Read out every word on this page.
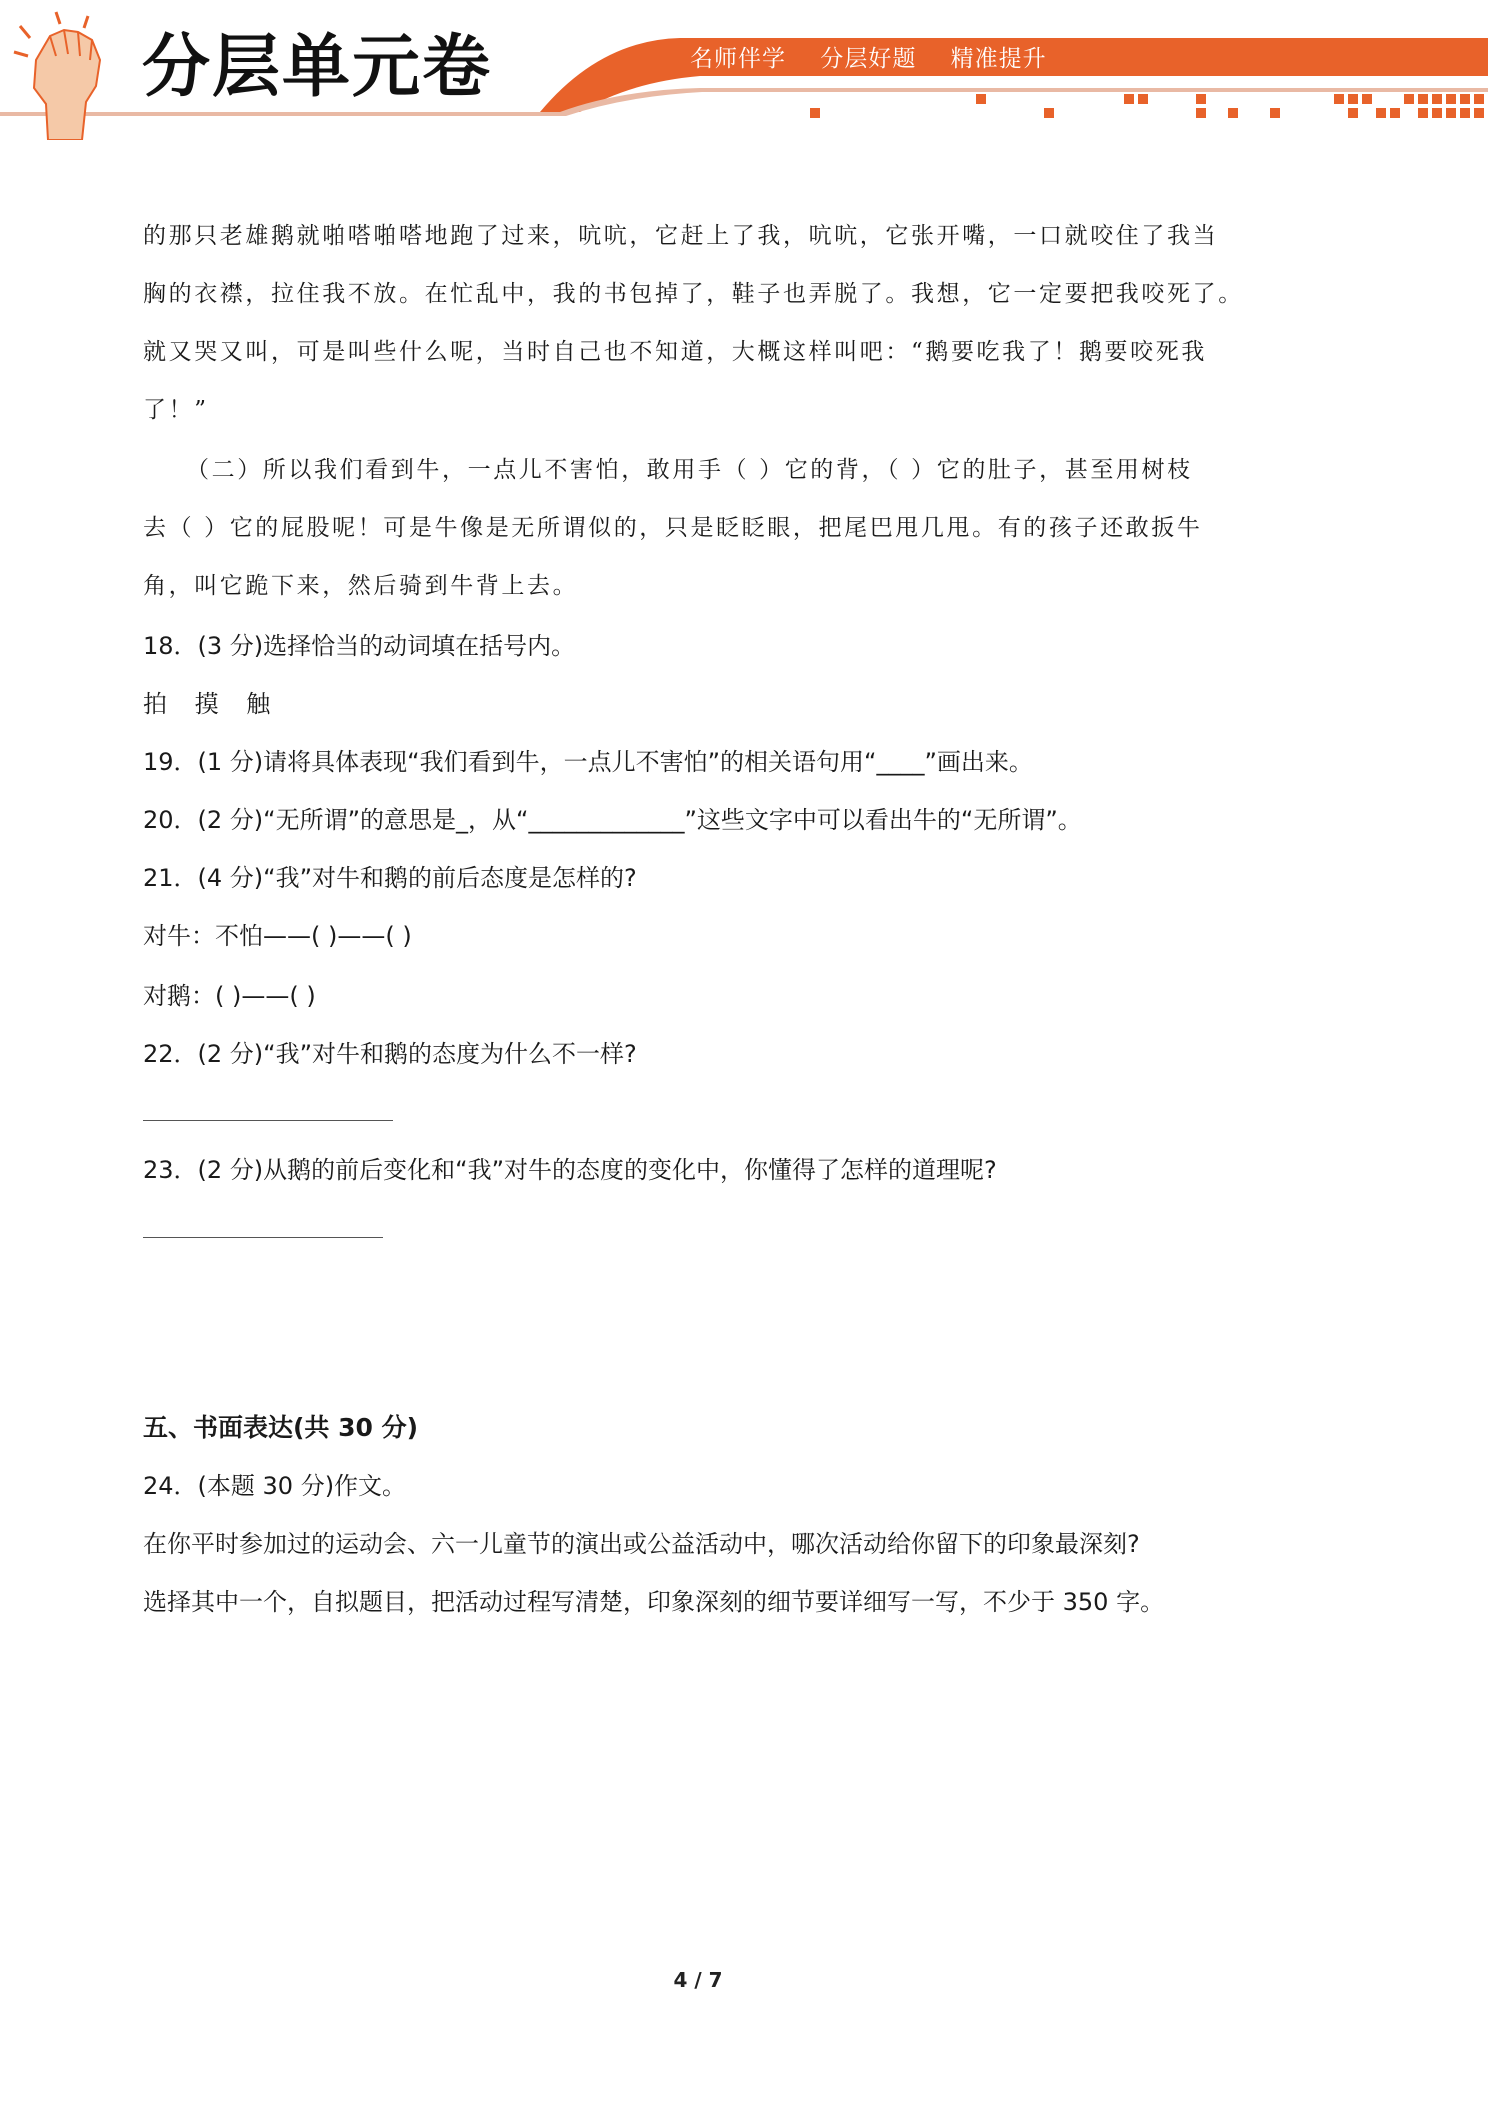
分层单元卷	名师伴学 分层好题 精准提升
的那只老雄鹅就啪嗒啪嗒地跑了过来，吭吭，它赶上了我，吭吭，它张开嘴，一口就咬住了我当
胸的衣襟，拉住我不放。在忙乱中，我的书包掉了，鞋子也弄脱了。我想，它一定要把我咬死了。
就又哭又叫，可是叫些什么呢，当时自己也不知道，大概这样叫吧：“鹅要吃我了！鹅要咬死我
了！”
（二）所以我们看到牛，一点儿不害怕，敢用手（ ）它的背，（ ）它的肚子，甚至用树枝
去（ ）它的屁股呢！可是牛像是无所谓似的，只是眨眨眼，把尾巴甩几甩。有的孩子还敢扳牛
角，叫它跪下来，然后骑到牛背上去。
18．(3 分)选择恰当的动词填在括号内。
拍 摸 触
19．(1 分)请将具体表现“我们看到牛，一点儿不害怕”的相关语句用“____”画出来。
20．(2 分)“无所谓”的意思是_，从“_____________”这些文字中可以看出牛的“无所谓”。
21．(4 分)“我”对牛和鹅的前后态度是怎样的?
对牛：不怕——( )——( )
对鹅：( )——( )
22．(2 分)“我”对牛和鹅的态度为什么不一样?
23．(2 分)从鹅的前后变化和“我”对牛的态度的变化中，你懂得了怎样的道理呢?
五、书面表达(共 30 分)
24．(本题 30 分)作文。
在你平时参加过的运动会、六一儿童节的演出或公益活动中，哪次活动给你留下的印象最深刻?
选择其中一个，自拟题目，把活动过程写清楚，印象深刻的细节要详细写一写，不少于 350 字。
4 / 7
